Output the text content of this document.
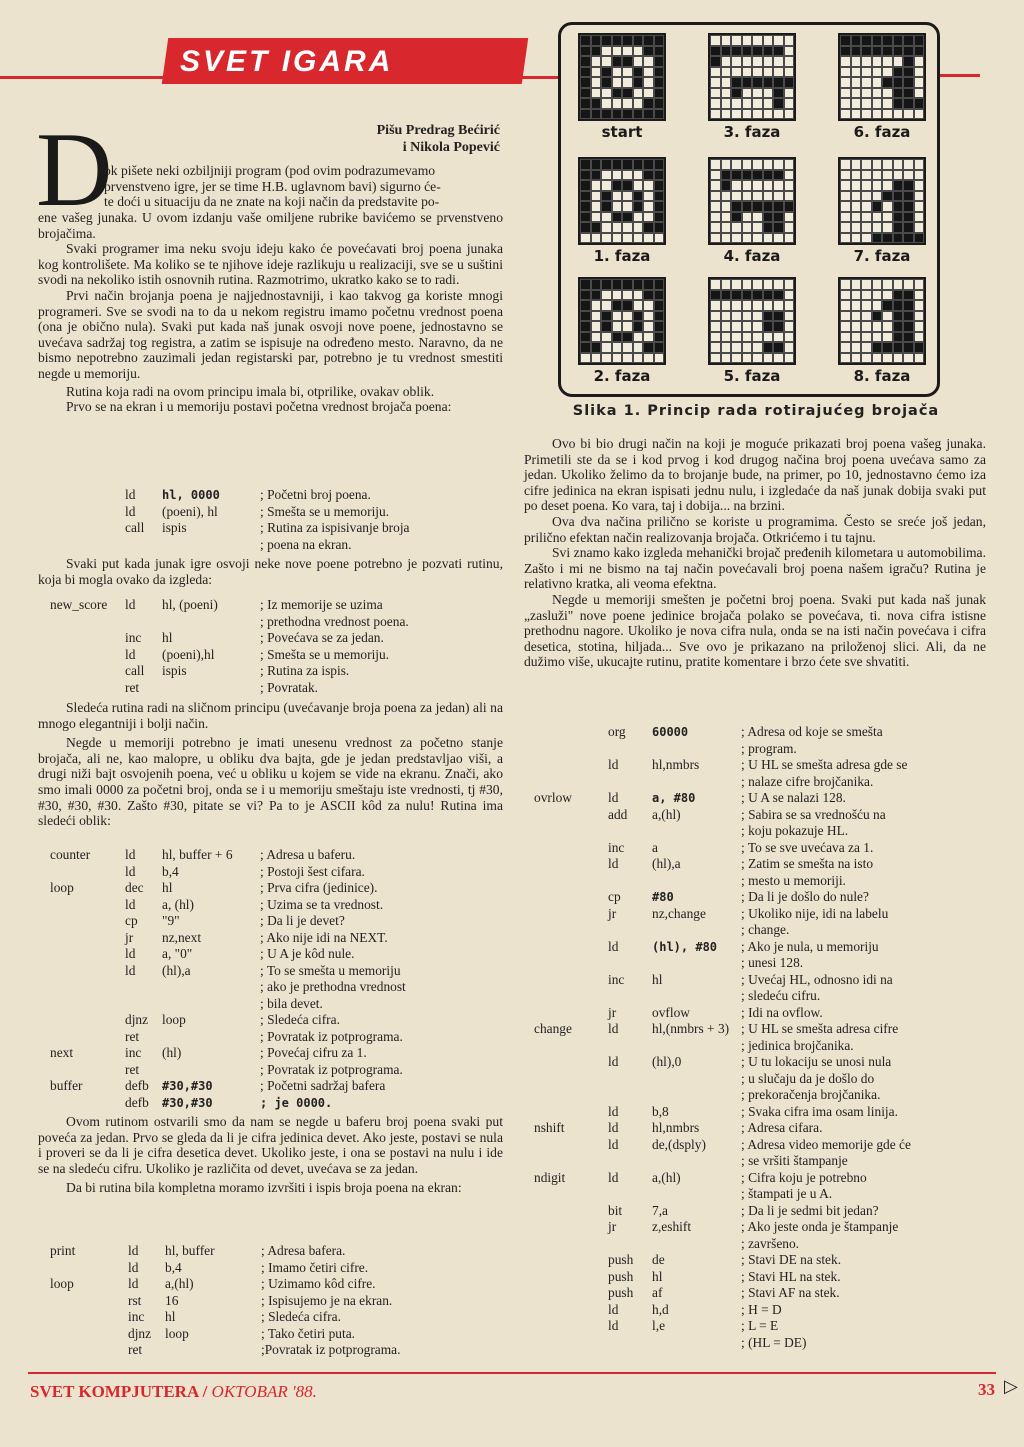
SVET IGARA
Pišu Predrag Bećirić
i Nikola Popević
D
ok pišete neki ozbiljniji program (pod ovim podrazumevamo
prvenstveno igre, jer se time H.B. uglavnom bavi) sigurno će-
te doći u situaciju da ne znate na koji način da predstavite po-

ene vašeg junaka. U ovom izdanju vaše omiljene rubrike bavićemo se prvenstveno brojačima.

Svaki programer ima neku svoju ideju kako će povećavati broj poena junaka kog kontrolišete. Ma koliko se te njihove ideje razlikuju u realizaciji, sve se u suštini svodi na nekoliko istih osnovnih rutina. Razmotrimo, ukratko kako se to radi.

Prvi način brojanja poena je najjednostavniji, i kao takvog ga koriste mnogi programeri. Sve se svodi na to da u nekom registru imamo početnu vrednost poena (ona je obično nula). Svaki put kada naš junak osvoji nove poene, jednostavno se uvećava sadržaj tog registra, a zatim se ispisuje na određeno mesto. Naravno, da ne bismo nepotrebno zauzimali jedan registarski par, potrebno je tu vrednost smestiti negde u memoriju.

Rutina koja radi na ovom principu imala bi, otprilike, ovakav oblik.

Prvo se na ekran i u memoriju postavi početna vrednost brojača poena:

ld	hl, 0000	; Početni broj poena.
ld	(poeni), hl	; Smešta se u memoriju.
call	ispis	; Rutina za ispisivanje broja
; poena na ekran.

Svaki put kada junak igre osvoji neke nove poene potrebno je pozvati rutinu, koja bi mogla ovako da izgleda:

new_score	ld	hl, (poeni)	; Iz memorije se uzima
; prethodna vrednost poena.
inc	hl	; Povećava se za jedan.
ld	(poeni),hl	; Smešta se u memoriju.
call	ispis	; Rutina za ispis.
ret	; Povratak.

Sledeća rutina radi na sličnom principu (uvećavanje broja poena za jedan) ali na mnogo elegantniji i bolji način.

Negde u memoriji potrebno je imati unesenu vrednost za početno stanje brojača, ali ne, kao malopre, u obliku dva bajta, gde je jedan predstavljao viši, a drugi niži bajt osvojenih poena, već u obliku u kojem se vide na ekranu. Znači, ako smo imali 0000 za početni broj, onda se i u memoriju smeštaju iste vrednosti, tj #30, #30, #30, #30. Zašto #30, pitate se vi? Pa to je ASCII kôd za nulu! Rutina ima sledeći oblik:

counter	ld	hl, buffer + 6	; Adresa u baferu.
ld	b,4	; Postoji šest cifara.
loop	dec	hl	; Prva cifra (jedinice).
ld	a, (hl)	; Uzima se ta vrednost.
cp	"9"	; Da li je devet?
jr	nz,next	; Ako nije idi na NEXT.
ld	a, "0"	; U A je kôd nule.
ld	(hl),a	; To se smešta u memoriju
; ako je prethodna vrednost
; bila devet.
djnz	loop	; Sledeća cifra.
ret	; Povratak iz potprograma.
next	inc	(hl)	; Povećaj cifru za 1.
ret	; Povratak iz potprograma.
buffer	defb	#30,#30	; Početni sadržaj bafera
defb	#30,#30	; je 0000.

Ovom rutinom ostvarili smo da nam se negde u baferu broj poena svaki put poveća za jedan. Prvo se gleda da li je cifra jedinica devet. Ako jeste, postavi se nula i proveri se da li je cifra desetica devet. Ukoliko jeste, i ona se postavi na nulu i ide se na sledeću cifru. Ukoliko je različita od devet, uvećava se za jedan.

Da bi rutina bila kompletna moramo izvršiti i ispis broja poena na ekran:

print	ld	hl, buffer	; Adresa bafera.
ld	b,4	; Imamo četiri cifre.
loop	ld	a,(hl)	; Uzimamo kôd cifre.
rst	16	; Ispisujemo je na ekran.
inc	hl	; Sledeća cifra.
djnz	loop	; Tako četiri puta.
ret	;Povratak iz potprograma.
start	3. faza	6. faza
1. faza	4. faza	7. faza
2. faza	5. faza	8. faza
Slika 1. Princip rada rotirajućeg brojača

Ovo bi bio drugi način na koji je moguće prikazati broj poena vašeg junaka. Primetili ste da se i kod prvog i kod drugog načina broj poena uvećava samo za jedan. Ukoliko želimo da to brojanje bude, na primer, po 10, jednostavno ćemo iza cifre jedinica na ekran ispisati jednu nulu, i izgledaće da naš junak dobija svaki put po deset poena. Ko vara, taj i dobija... na brzini.

Ova dva načina prilično se koriste u programima. Često se sreće još jedan, prilično efektan način realizovanja brojača. Otkrićemo i tu tajnu.

Svi znamo kako izgleda mehanički brojač pređenih kilometara u automobilima. Zašto i mi ne bismo na taj način povećavali broj poena našem igraču? Rutina je relativno kratka, ali veoma efektna.

Negde u memoriji smešten je početni broj poena. Svaki put kada naš junak „zasluži" nove poene jedinice brojača polako se povećava, ti. nova cifra istisne prethodnu nagore. Ukoliko je nova cifra nula, onda se na isti način povećava i cifra desetica, stotina, hiljada... Sve ovo je prikazano na priloženoj slici. Ali, da ne dužimo više, ukucajte rutinu, pratite komentare i brzo ćete sve shvatiti.

org	60000	; Adresa od koje se smešta
; program.
ld	hl,nmbrs	; U HL se smešta adresa gde se
; nalaze cifre brojčanika.
ovrlow	ld	a, #80	; U A se nalazi 128.
add	a,(hl)	; Sabira se sa vrednošću na
; koju pokazuje HL.
inc	a	; To se sve uvećava za 1.
ld	(hl),a	; Zatim se smešta na isto
; mesto u memoriji.
cp	#80	; Da li je došlo do nule?
jr	nz,change	; Ukoliko nije, idi na labelu
; change.
ld	(hl), #80	; Ako je nula, u memoriju
; unesi 128.
inc	hl	; Uvećaj HL, odnosno idi na
; sledeću cifru.
jr	ovflow	; Idi na ovflow.
change	ld	hl,(nmbrs + 3) ; U HL se smešta adresa cifre
; jedinica brojčanika.
ld	(hl),0	; U tu lokaciju se unosi nula
; u slučaju da je došlo do
; prekoračenja brojčanika.
ld	b,8	; Svaka cifra ima osam linija.
nshift	ld	hl,nmbrs	; Adresa cifara.
ld	de,(dsply)	; Adresa video memorije gde će
; se vršiti štampanje
ndigit	ld	a,(hl)	; Cifra koju je potrebno
; štampati je u A.
bit	7,a	; Da li je sedmi bit jedan?
jr	z,eshift	; Ako jeste onda je štampanje
; završeno.
push	de	; Stavi DE na stek.
push	hl	; Stavi HL na stek.
push	af	; Stavi AF na stek.
ld	h,d	; H = D
ld	l,e	; L = E
; (HL = DE)
SVET KOMPJUTERA / OKTOBAR '88.	33 ▷
